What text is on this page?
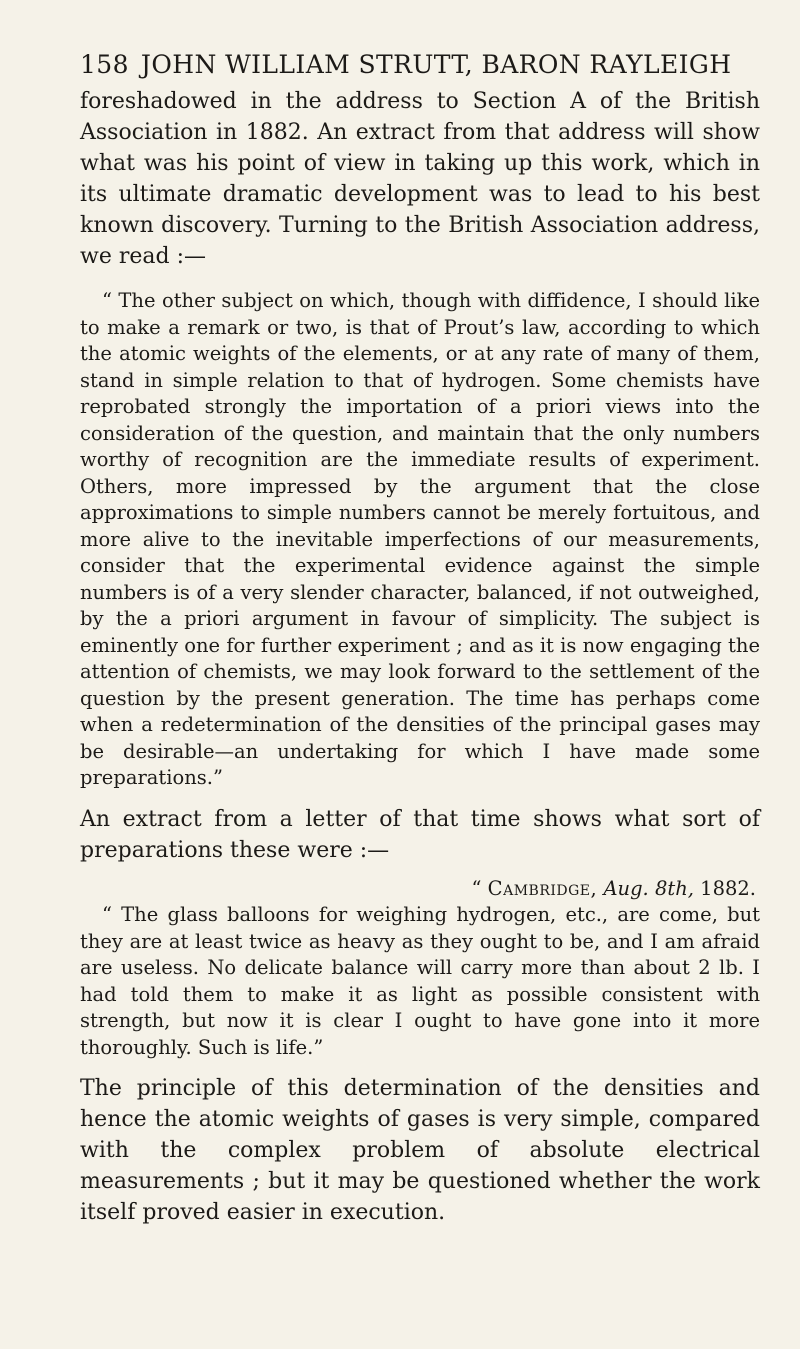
158 JOHN WILLIAM STRUTT, BARON RAYLEIGH

foreshadowed in the address to Section A of the British Association in 1882. An extract from that address will show what was his point of view in taking up this work, which in its ultimate dramatic development was to lead to his best known discovery. Turning to the British Association address, we read :—

“ The other subject on which, though with diffidence, I should like to make a remark or two, is that of Prout’s law, according to which the atomic weights of the elements, or at any rate of many of them, stand in simple relation to that of hydrogen. Some chemists have reprobated strongly the importation of a priori views into the consideration of the question, and maintain that the only numbers worthy of recognition are the immediate results of experiment. Others, more impressed by the argument that the close approximations to simple numbers cannot be merely fortuitous, and more alive to the inevitable imperfections of our measurements, consider that the experimental evidence against the simple numbers is of a very slender character, balanced, if not outweighed, by the a priori argument in favour of simplicity. The subject is eminently one for further experiment ; and as it is now engaging the attention of chemists, we may look forward to the settlement of the question by the present generation. The time has perhaps come when a redetermination of the densities of the principal gases may be desirable—an undertaking for which I have made some preparations.”

An extract from a letter of that time shows what sort of preparations these were :—

“ Cambridge, Aug. 8th, 1882.

“ The glass balloons for weighing hydrogen, etc., are come, but they are at least twice as heavy as they ought to be, and I am afraid are useless. No delicate balance will carry more than about 2 lb. I had told them to make it as light as possible consistent with strength, but now it is clear I ought to have gone into it more thoroughly. Such is life.”

The principle of this determination of the densities and hence the atomic weights of gases is very simple, compared with the complex problem of absolute electrical measurements ; but it may be questioned whether the work itself proved easier in execution.
